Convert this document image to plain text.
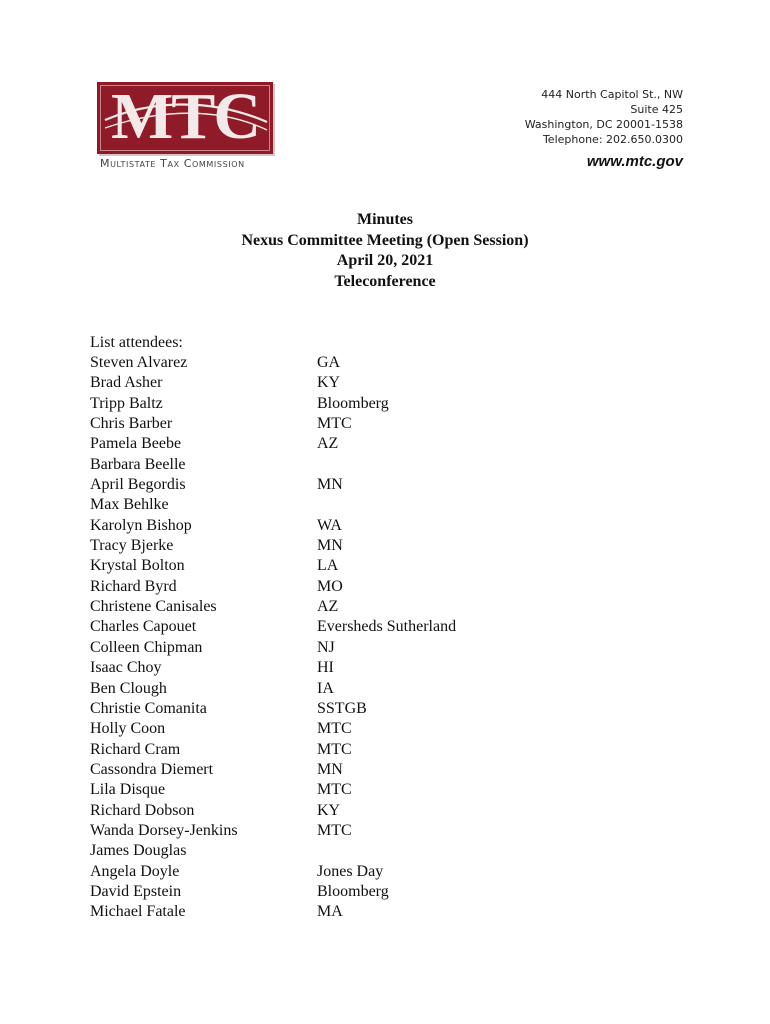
MTC
Multistate Tax Commission
444 North Capitol St., NW
Suite 425
Washington, DC 20001-1538
Telephone: 202.650.0300
www.mtc.gov
Minutes
Nexus Committee Meeting (Open Session)
April 20, 2021
Teleconference
List attendees:
Steven Alvarez	GA
Brad Asher	KY
Tripp Baltz	Bloomberg
Chris Barber	MTC
Pamela Beebe	AZ
Barbara Beelle
April Begordis	MN
Max Behlke
Karolyn Bishop	WA
Tracy Bjerke	MN
Krystal Bolton	LA
Richard Byrd	MO
Christene Canisales	AZ
Charles Capouet	Eversheds Sutherland
Colleen Chipman	NJ
Isaac Choy	HI
Ben Clough	IA
Christie Comanita	SSTGB
Holly Coon	MTC
Richard Cram	MTC
Cassondra Diemert	MN
Lila Disque	MTC
Richard Dobson	KY
Wanda Dorsey-Jenkins	MTC
James Douglas
Angela Doyle	Jones Day
David Epstein	Bloomberg
Michael Fatale	MA
